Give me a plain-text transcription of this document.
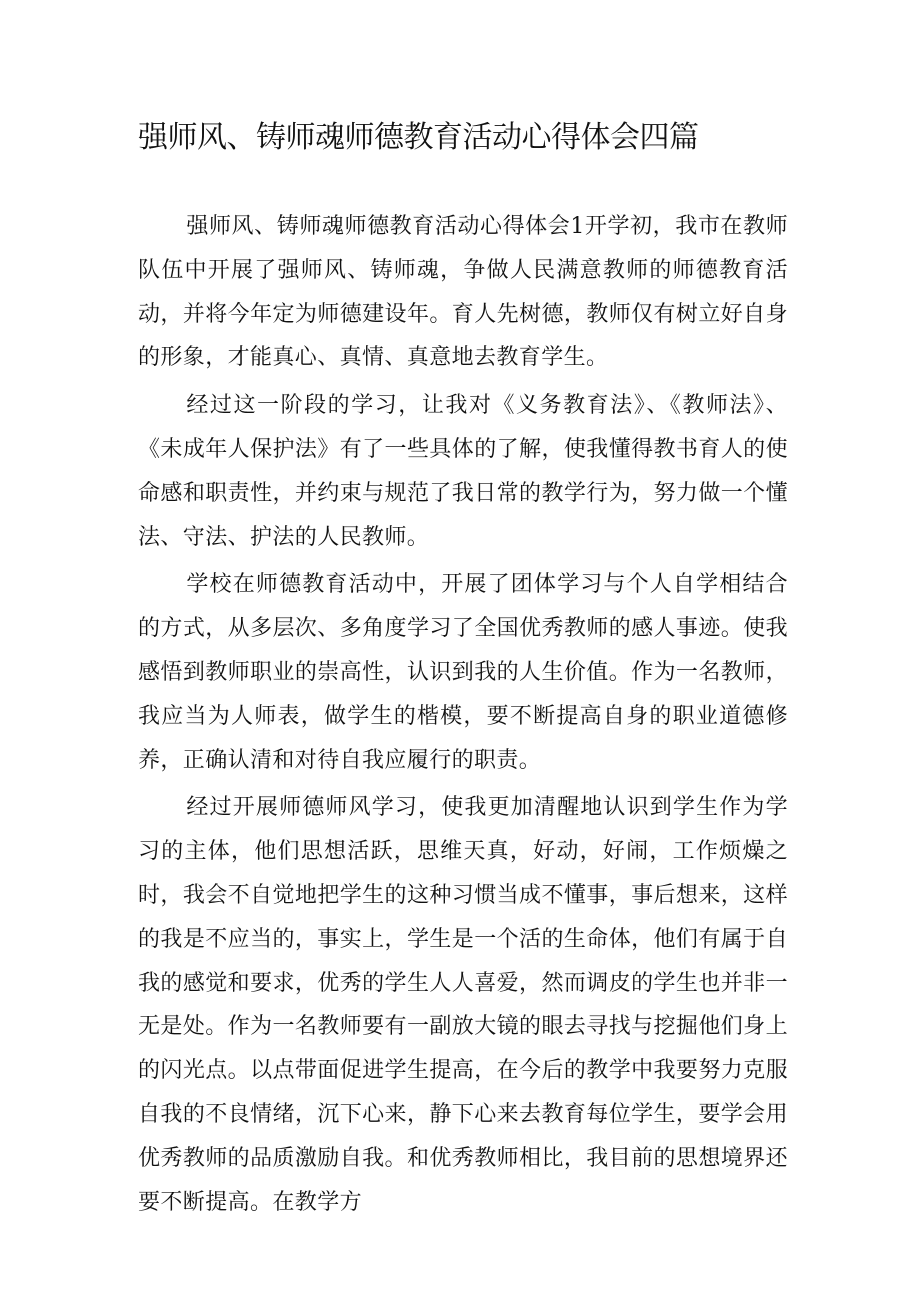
强师风、铸师魂师德教育活动心得体会四篇

强师风、铸师魂师德教育活动心得体会1开学初，我市在教师队伍中开展了强师风、铸师魂，争做人民满意教师的师德教育活动，并将今年定为师德建设年。育人先树德，教师仅有树立好自身的形象，才能真心、真情、真意地去教育学生。

经过这一阶段的学习，让我对《义务教育法》、《教师法》、《未成年人保护法》有了一些具体的了解，使我懂得教书育人的使命感和职责性，并约束与规范了我日常的教学行为，努力做一个懂法、守法、护法的人民教师。

学校在师德教育活动中，开展了团体学习与个人自学相结合的方式，从多层次、多角度学习了全国优秀教师的感人事迹。使我感悟到教师职业的崇高性，认识到我的人生价值。作为一名教师，我应当为人师表，做学生的楷模，要不断提高自身的职业道德修养，正确认清和对待自我应履行的职责。

经过开展师德师风学习，使我更加清醒地认识到学生作为学习的主体，他们思想活跃，思维天真，好动，好闹，工作烦燥之时，我会不自觉地把学生的这种习惯当成不懂事，事后想来，这样的我是不应当的，事实上，学生是一个活的生命体，他们有属于自我的感觉和要求，优秀的学生人人喜爱，然而调皮的学生也并非一无是处。作为一名教师要有一副放大镜的眼去寻找与挖掘他们身上的闪光点。以点带面促进学生提高，在今后的教学中我要努力克服自我的不良情绪，沉下心来，静下心来去教育每位学生，要学会用优秀教师的品质激励自我。和优秀教师相比，我目前的思想境界还要不断提高。在教学方
